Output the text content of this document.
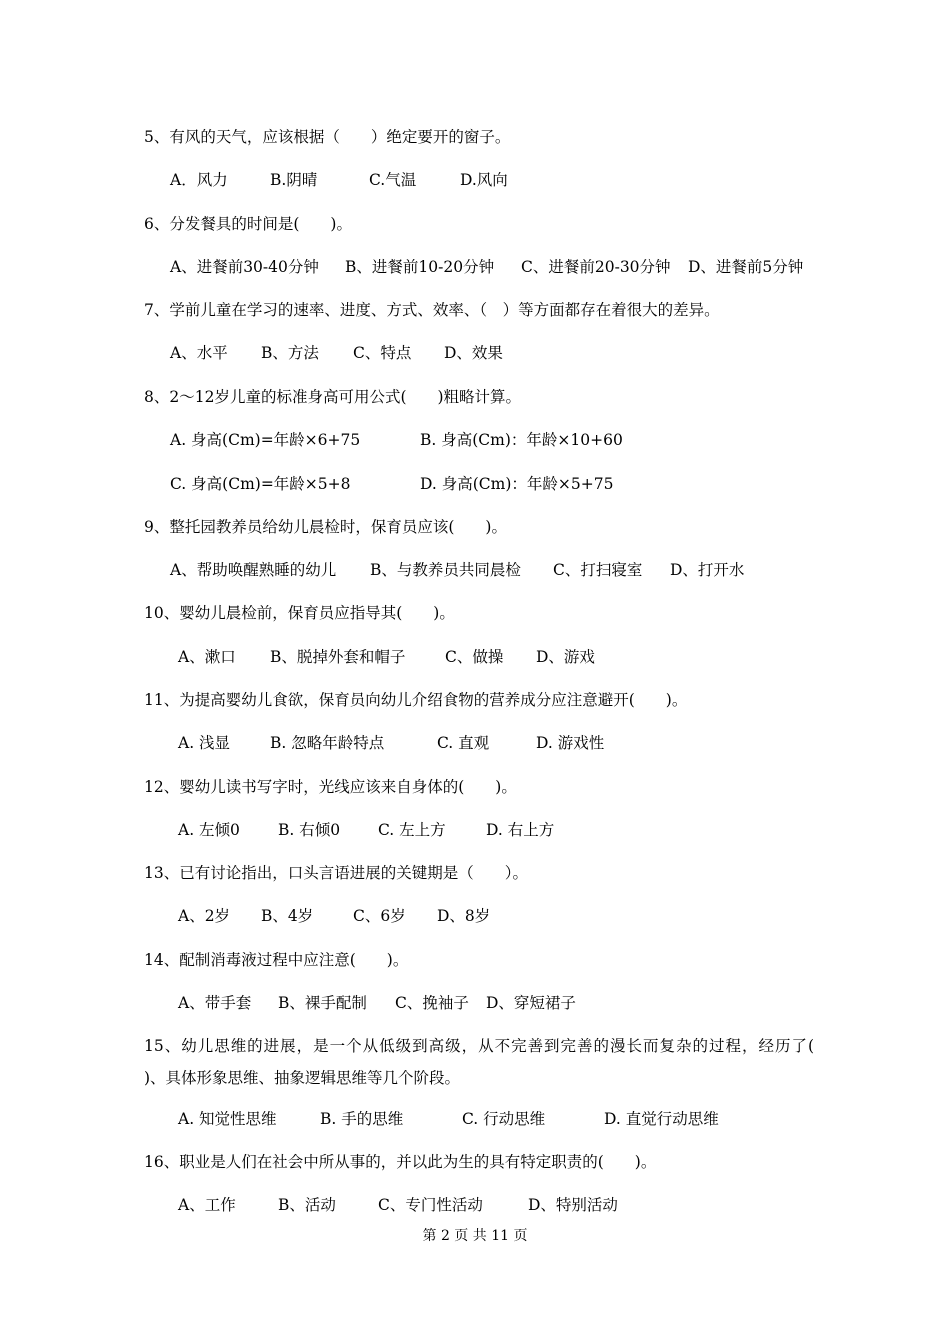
5、有风的天气，应该根据（　　）绝定要开的窗子。
A．风力	B.阴晴	C.气温	D.风向
6、分发餐具的时间是(　　)。
A、进餐前30-40分钟 B、进餐前10-20分钟 C、进餐前20-30分钟 D、进餐前5分钟
7、学前儿童在学习的速率、进度、方式、效率、（　）等方面都存在着很大的差异。
A、水平 B、方法 C、特点 D、效果
8、2～12岁儿童的标准身高可用公式(　　)粗略计算。
A. 身高(Cm)=年龄×6+75	B. 身高(Cm)：年龄×10+60
C. 身高(Cm)=年龄×5+8	D. 身高(Cm)：年龄×5+75
9、整托园教养员给幼儿晨检时，保育员应该(　　)。
A、帮助唤醒熟睡的幼儿 B、与教养员共同晨检 C、打扫寝室 D、打开水
10、婴幼儿晨检前，保育员应指导其(　　)。
A、漱口 B、脱掉外套和帽子	C、做操 D、游戏
11、为提高婴幼儿食欲，保育员向幼儿介绍食物的营养成分应注意避开(　　)。
A. 浅显	B. 忽略年龄特点	C. 直观	D. 游戏性
12、婴幼儿读书写字时，光线应该来自身体的(　　)。
A. 左倾0 B. 右倾0 C. 左上方	D. 右上方
13、已有讨论指出，口头言语进展的关键期是（　　）。
A、2岁 B、4岁	C、6岁 D、8岁
14、配制消毒液过程中应注意(　　)。
A、带手套 B、裸手配制 C、挽袖子 D、穿短裙子
15、幼儿思维的进展，是一个从低级到高级，从不完善到完善的漫长而复杂的过程，经历了(　　)、具体形象思维、抽象逻辑思维等几个阶段。
A. 知觉性思维	B. 手的思维	C. 行动思维	D. 直觉行动思维
16、职业是人们在社会中所从事的，并以此为生的具有特定职责的(　　)。
A、工作	B、活动	C、专门性活动	D、特别活动
第 2 页 共 11 页
